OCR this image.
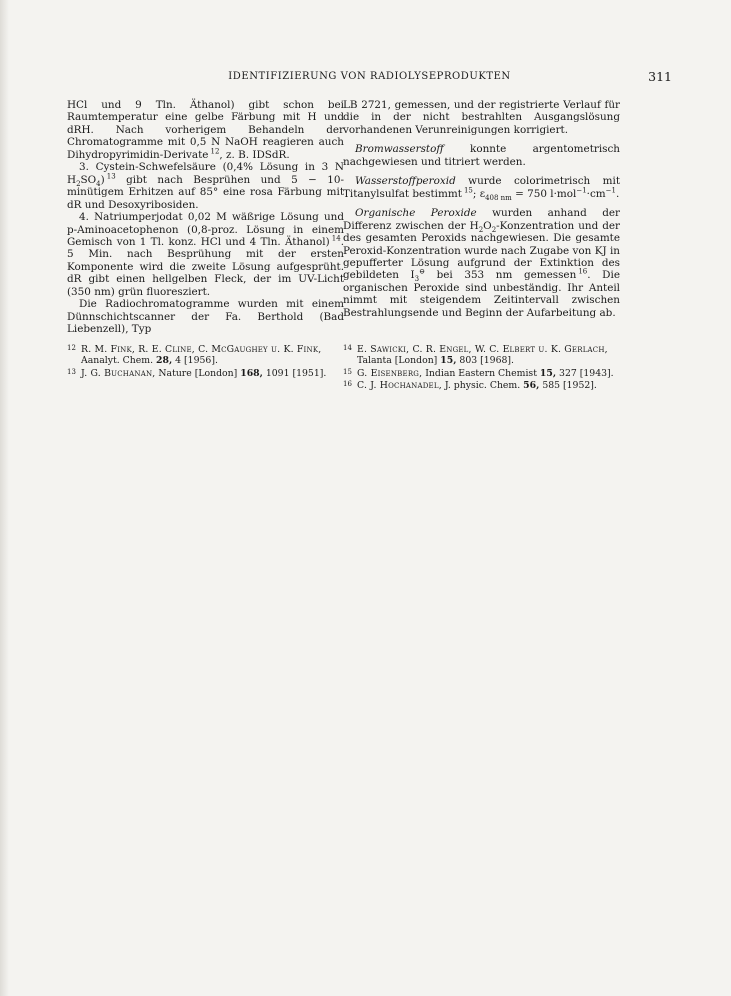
IDENTIFIZIERUNG VON RADIOLYSEPRODUKTEN	311

HCl und 9 Tln. Äthanol) gibt schon bei Raumtemperatur eine gelbe Färbung mit H und dRH. Nach vorherigem Behandeln der Chromatogramme mit 0,5 N NaOH reagieren auch Dihydropyrimidin-Derivate  $^{12}$, z. B. IDSdR.

3. Cystein-Schwefelsäure (0,4% Lösung in 3 N $H_2SO_4$)  $^{13}$ gibt nach Besprühen und 5 − 10-minütigem Erhitzen auf 85° eine rosa Färbung mit dR und Desoxyribosiden.

4. Natriumperjodat 0,02 M wäßrige Lösung und p-Aminoacetophenon (0,8-proz. Lösung in einem Gemisch von 1 Tl. konz. HCl und 4 Tln. Äthanol)  $^{14}$. 5 Min. nach Besprühung mit der ersten Komponente wird die zweite Lösung aufgesprüht. dR gibt einen hellgelben Fleck, der im UV-Licht (350 nm) grün fluoresziert.

Die Radiochromatogramme wurden mit einem Dünnschichtscanner der Fa. Berthold (Bad Liebenzell), Typ

LB 2721, gemessen, und der registrierte Verlauf für die in der nicht bestrahlten Ausgangslösung vorhandenen Verunreinigungen korrigiert.

Bromwasserstoff konnte argentometrisch nachgewiesen und titriert werden.

Wasserstoffperoxid wurde colorimetrisch mit Titanylsulfat bestimmt  $^{15}$; $\varepsilon_{408 nm} = 750$ $l\cdot mol^{-1}\cdot cm^{-1}$.

Organische Peroxide wurden anhand der Differenz zwischen der $H_2O_2$-Konzentration und der des gesamten Peroxids nachgewiesen. Die gesamte Peroxid-Konzentration wurde nach Zugabe von KJ in gepufferter Lösung aufgrund der Extinktion des gebildeten $I_3^⊖$ bei 353 nm gemessen  $^{16}$. Die organischen Peroxide sind unbeständig. Ihr Anteil nimmt mit steigendem Zeitintervall zwischen Bestrahlungsende und Beginn der Aufarbeitung ab.

12 R. M. Fink, R. E. Cline, C. McGaughey u. K. Fink, Aanalyt. Chem. 28, 4 [1956].

13 J. G. Buchanan, Nature [London] 168, 1091 [1951].

14 E. Sawicki, C. R. Engel, W. C. Elbert u. K. Gerlach, Talanta [London] 15, 803 [1968].

15 G. Eisenberg, Indian Eastern Chemist 15, 327 [1943].

16 C. J. Hochanadel, J. physic. Chem. 56, 585 [1952].
